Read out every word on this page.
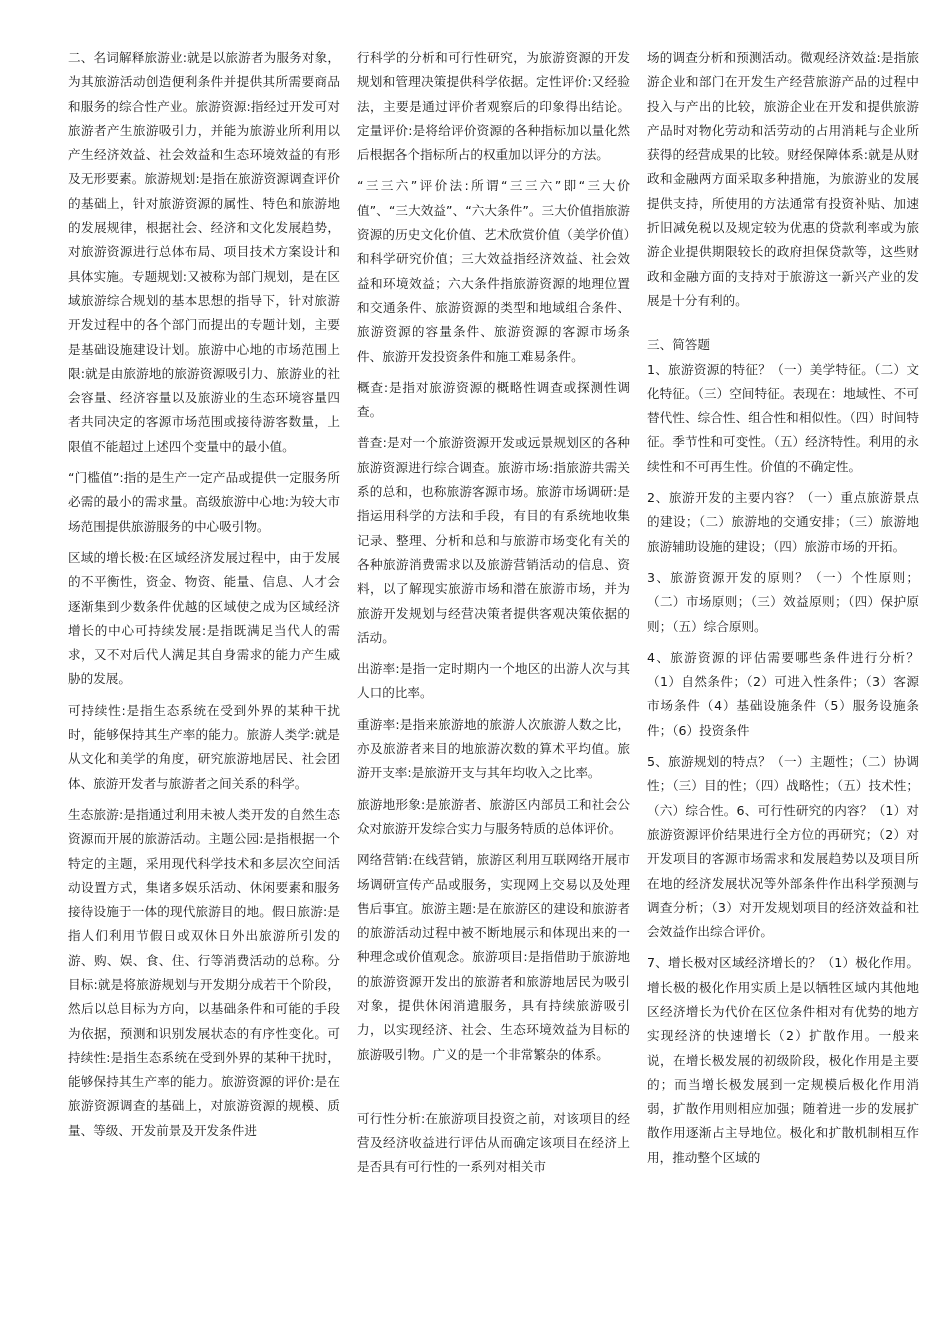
二、名词解释旅游业:就是以旅游者为服务对象，为其旅游活动创造便利条件并提供其所需要商品和服务的综合性产业。旅游资源:指经过开发可对旅游者产生旅游吸引力，并能为旅游业所利用以产生经济效益、社会效益和生态环境效益的有形及无形要素。旅游规划:是指在旅游资源调查评价的基础上，针对旅游资源的属性、特色和旅游地的发展规律，根据社会、经济和文化发展趋势，对旅游资源进行总体布局、项目技术方案设计和具体实施。专题规划:又被称为部门规划，是在区域旅游综合规划的基本思想的指导下，针对旅游开发过程中的各个部门而提出的专题计划，主要是基础设施建设计划。旅游中心地的市场范围上限:就是由旅游地的旅游资源吸引力、旅游业的社会容量、经济容量以及旅游业的生态环境容量四者共同决定的客源市场范围或接待游客数量，上限值不能超过上述四个变量中的最小值。

“门槛值”:指的是生产一定产品或提供一定服务所必需的最小的需求量。高级旅游中心地:为较大市场范围提供旅游服务的中心吸引物。

区域的增长极:在区域经济发展过程中，由于发展的不平衡性，资金、物资、能量、信息、人才会逐渐集到少数条件优越的区域使之成为区域经济增长的中心可持续发展:是指既满足当代人的需求，又不对后代人满足其自身需求的能力产生威胁的发展。

可持续性:是指生态系统在受到外界的某种干扰时，能够保持其生产率的能力。旅游人类学:就是从文化和美学的角度，研究旅游地居民、社会团体、旅游开发者与旅游者之间关系的科学。

生态旅游:是指通过利用未被人类开发的自然生态资源而开展的旅游活动。主题公园:是指根据一个特定的主题，采用现代科学技术和多层次空间活动设置方式，集诸多娱乐活动、休闲要素和服务接待设施于一体的现代旅游目的地。假日旅游:是指人们利用节假日或双休日外出旅游所引发的游、购、娱、食、住、行等消费活动的总称。分目标:就是将旅游规划与开发期分成若干个阶段，然后以总目标为方向，以基础条件和可能的手段为依据，预测和识别发展状态的有序性变化。可持续性:是指生态系统在受到外界的某种干扰时，能够保持其生产率的能力。旅游资源的评价:是在旅游资源调查的基础上，对旅游资源的规模、质量、等级、开发前景及开发条件进

行科学的分析和可行性研究，为旅游资源的开发规划和管理决策提供科学依据。定性评价:又经验法，主要是通过评价者观察后的印象得出结论。定量评价:是将给评价资源的各种指标加以量化然后根据各个指标所占的权重加以评分的方法。

“三三六”评价法:所谓“三三六”即“三大价值”、“三大效益”、“六大条件”。三大价值指旅游资源的历史文化价值、艺术欣赏价值（美学价值）和科学研究价值；三大效益指经济效益、社会效益和环境效益；六大条件指旅游资源的地理位置和交通条件、旅游资源的类型和地域组合条件、旅游资源的容量条件、旅游资源的客源市场条件、旅游开发投资条件和施工难易条件。

概查:是指对旅游资源的概略性调查或探测性调查。

普查:是对一个旅游资源开发或远景规划区的各种旅游资源进行综合调查。旅游市场:指旅游共需关系的总和，也称旅游客源市场。旅游市场调研:是指运用科学的方法和手段，有目的有系统地收集记录、整理、分析和总和与旅游市场变化有关的各种旅游消费需求以及旅游营销活动的信息、资料，以了解现实旅游市场和潜在旅游市场，并为旅游开发规划与经营决策者提供客观决策依据的活动。

出游率:是指一定时期内一个地区的出游人次与其人口的比率。

重游率:是指来旅游地的旅游人次旅游人数之比，亦及旅游者来目的地旅游次数的算术平均值。旅游开支率:是旅游开支与其年均收入之比率。

旅游地形象:是旅游者、旅游区内部员工和社会公众对旅游开发综合实力与服务特质的总体评价。

网络营销:在线营销，旅游区利用互联网络开展市场调研宣传产品或服务，实现网上交易以及处理售后事宜。旅游主题:是在旅游区的建设和旅游者的旅游活动过程中被不断地展示和体现出来的一种理念或价值观念。旅游项目:是指借助于旅游地的旅游资源开发出的旅游者和旅游地居民为吸引对象，提供休闲消遣服务，具有持续旅游吸引力，以实现经济、社会、生态环境效益为目标的旅游吸引物。广义的是一个非常繁杂的体系。

可行性分析:在旅游项目投资之前，对该项目的经营及经济收益进行评估从而确定该项目在经济上是否具有可行性的一系列对相关市

场的调查分析和预测活动。微观经济效益:是指旅游企业和部门在开发生产经营旅游产品的过程中投入与产出的比较，旅游企业在开发和提供旅游产品时对物化劳动和活劳动的占用消耗与企业所获得的经营成果的比较。财经保障体系:就是从财政和金融两方面采取多种措施，为旅游业的发展提供支持，所使用的方法通常有投资补贴、加速折旧减免税以及规定较为优惠的贷款利率或为旅游企业提供期限较长的政府担保贷款等，这些财政和金融方面的支持对于旅游这一新兴产业的发展是十分有利的。

三、简答题

1、旅游资源的特征？（一）美学特征。（二）文化特征。（三）空间特征。表现在：地域性、不可替代性、综合性、组合性和相似性。（四）时间特征。季节性和可变性。（五）经济特性。利用的永续性和不可再生性。价值的不确定性。

2、旅游开发的主要内容？（一）重点旅游景点的建设；（二）旅游地的交通安排；（三）旅游地旅游辅助设施的建设；（四）旅游市场的开拓。

3、旅游资源开发的原则？（一）个性原则；（二）市场原则；（三）效益原则；（四）保护原则；（五）综合原则。

4、旅游资源的评估需要哪些条件进行分析？（1）自然条件；（2）可进入性条件；（3）客源市场条件（4）基础设施条件（5）服务设施条件；（6）投资条件

5、旅游规划的特点？（一）主题性；（二）协调性；（三）目的性；（四）战略性；（五）技术性；（六）综合性。6、可行性研究的内容？（1）对旅游资源评价结果进行全方位的再研究；（2）对开发项目的客源市场需求和发展趋势以及项目所在地的经济发展状况等外部条件作出科学预测与调查分析；（3）对开发规划项目的经济效益和社会效益作出综合评价。

7、增长极对区域经济增长的？（1）极化作用。增长极的极化作用实质上是以牺牲区域内其他地区经济增长为代价在区位条件相对有优势的地方实现经济的快速增长（2）扩散作用。一般来说，在增长极发展的初级阶段，极化作用是主要的；而当增长极发展到一定规模后极化作用消弱，扩散作用则相应加强；随着进一步的发展扩散作用逐渐占主导地位。极化和扩散机制相互作用，推动整个区域的
